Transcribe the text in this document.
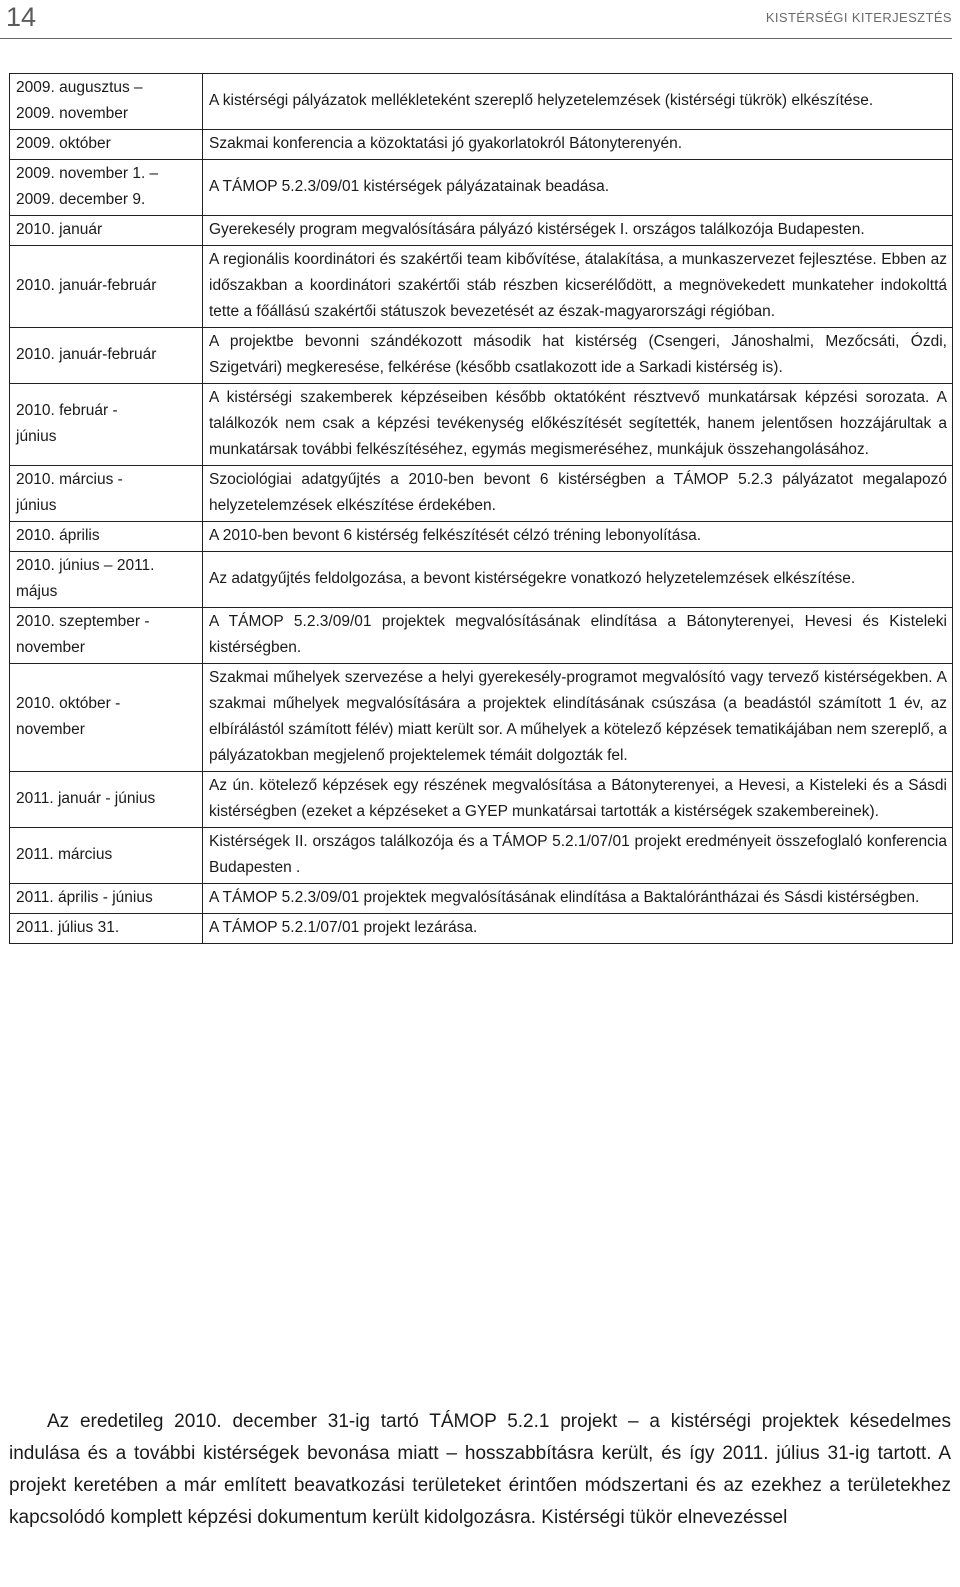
14	KISTÉRSÉGI KITERJESZTÉS
2009. augusztus –
2009. november	A kistérségi pályázatok mellékleteként szereplő helyzetelemzések (kistérségi tükrök) elkészítése.
2009. október	Szakmai konferencia a közoktatási jó gyakorlatokról Bátonyterenyén.
2009. november 1. –
2009. december 9.	A TÁMOP 5.2.3/09/01 kistérségek pályázatainak beadása.
2010. január	Gyerekesély program megvalósítására pályázó kistérségek I. országos találkozója Budapesten.
2010. január-február	A regionális koordinátori és szakértői team kibővítése, átalakítása, a munkaszervezet fejlesztése. Ebben az időszakban a koordinátori szakértői stáb részben kicserélődött, a megnövekedett munkateher indokolttá tette a főállású szakértői státuszok bevezetését az észak-magyarországi régióban.
2010. január-február	A projektbe bevonni szándékozott második hat kistérség (Csengeri, Jánoshalmi, Mezőcsáti, Ózdi, Szigetvári) megkeresése, felkérése (később csatlakozott ide a Sarkadi kistérség is).
2010. február -
június	A kistérségi szakemberek képzéseiben később oktatóként résztvevő munkatársak képzési sorozata. A találkozók nem csak a képzési tevékenység előkészítését segítették, hanem jelentősen hozzájárultak a munkatársak további felkészítéséhez, egymás megismeréséhez, munkájuk összehangolásához.
2010. március -
június	Szociológiai adatgyűjtés a 2010-ben bevont 6 kistérségben a TÁMOP 5.2.3 pályázatot megalapozó helyzetelemzések elkészítése érdekében.
2010. április	A 2010-ben bevont 6 kistérség felkészítését célzó tréning lebonyolítása.
2010. június – 2011.
május	Az adatgyűjtés feldolgozása, a bevont kistérségekre vonatkozó helyzetelemzések elkészítése.
2010. szeptember -
november	A TÁMOP 5.2.3/09/01 projektek megvalósításának elindítása a Bátonyterenyei, Hevesi és Kisteleki kistérségben.
2010. október -
november	Szakmai műhelyek szervezése a helyi gyerekesély-programot megvalósító vagy tervező kistérségekben. A szakmai műhelyek megvalósítására a projektek elindításának csúszása (a beadástól számított 1 év, az elbírálástól számított félév) miatt került sor. A műhelyek a kötelező képzések tematikájában nem szereplő, a pályázatokban megjelenő projektelemek témáit dolgozták fel.
2011. január - június	Az ún. kötelező képzések egy részének megvalósítása a Bátonyterenyei, a Hevesi, a Kisteleki és a Sásdi kistérségben (ezeket a képzéseket a GYEP munkatársai tartották a kistérségek szakembereinek).
2011. március	Kistérségek II. országos találkozója és a TÁMOP 5.2.1/07/01 projekt eredményeit összefoglaló konferencia Budapesten .
2011. április - június	A TÁMOP 5.2.3/09/01 projektek megvalósításának elindítása a Baktalórántházai és Sásdi kistérségben.
2011. július 31.	A TÁMOP 5.2.1/07/01 projekt lezárása.

Az eredetileg 2010. december 31-ig tartó TÁMOP 5.2.1 projekt – a kistérségi projektek késedelmes indulása és a további kistérségek bevonása miatt – hosszabbításra került, és így 2011. július 31-ig tartott. A projekt keretében a már említett beavatkozási területeket érintően módszertani és az ezekhez a területekhez kapcsolódó komplett képzési dokumentum került kidolgozásra. Kistérségi tükör elnevezéssel
